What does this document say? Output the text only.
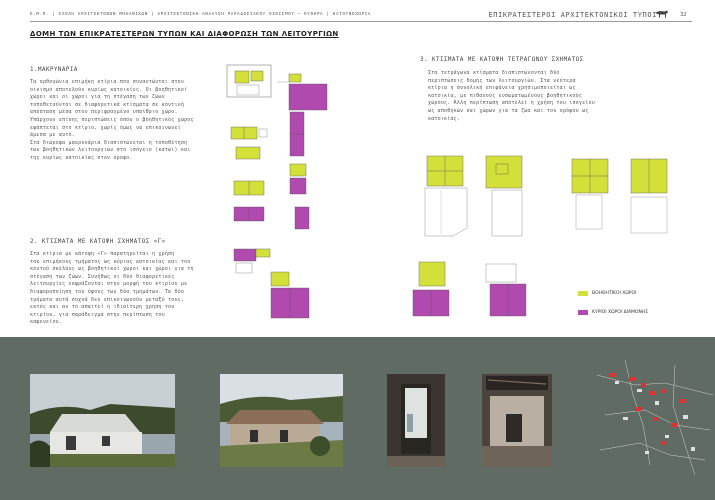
Ε.Μ.Π. | ΣΧΟΛΗ ΑΡΧΙΤΕΚΤΟΝΩΝ ΜΗΧΑΝΙΚΩΝ | ΑΡΧΙΤΕΚΤΟΝΙΚΗ ΑΝΑΛΥΣΗ ΠΑΡΑΔΟΣΙΑΚΟΥ ΟΙΚΙΣΜΟΥ – ΚΥΘΗΡΑ | ΚΑΤΟΥΝΟΧΩΡΙΑ	ΕΠΙΚΡΑΤΕΣΤΕΡΟΙ ΑΡΧΙΤΕΚΤΟΝΙΚΟΙ ΤΥΠΟΙ	32
ΔΟΜΗ ΤΩΝ ΕΠΙΚΡΑΤΕΣΤΕΡΩΝ ΤΥΠΩΝ ΚΑΙ ΔΙΑΦΟΡΩΣΗ ΤΩΝ ΛΕΙΤΟΥΡΓΙΩΝ
1.ΜΑΚΡΥΝΑΡΙΑ
Τα ορθογώνια επιμήκη κτίρια που συναντώνται στον
οικισμό αποτελούν κυρίως κατοικίες. Οι βοηθητικοί
χώροι και οι χώροι για τη στέγαση των ζώων
τοποθετούνται σε διαφορετικά κτίσματα σε κοντινή
απόσταση μέσα στον περιφραγμένο υπαίθριο χώρο.
Υπάρχουν επίσης περιπτώσεις όπου ο βοηθητικός χώρος
εφάπτεται στο κτίριο, χωρίς όμως να επικοινωνεί
άμεσα με αυτό.
Στα διώροφα μακρυνάρια διαπιστώνεται η τοποθέτηση
των βοηθητικών λειτουργιών στο ισόγειο (κατώι) και
της κυρίως κατοικίας στον όροφο.
3. ΚΤΙΣΜΑΤΑ ΜΕ ΚΑΤΟΨΗ ΤΕΤΡΑΓΩΝΟΥ ΣΧΗΜΑΤΟΣ
Στα τετράγωνα κτίσματα διαπιστώνονται δύο
περιπτώσεις δομής των λειτουργιών. Στα νεότερα
κτίρια η συνολική επιφάνεια χρησιμοποιείται ως
κατοικία, με πιθανούς ενσωματωμένους βοηθητικούς
χώρους. Άλλη περίπτωση αποτελεί η χρήση του ισογείου
ως αποθηκών και χώρων για τα ζώα και του ορόφου ως
κατοικίας.
2. ΚΤΙΣΜΑΤΑ ΜΕ ΚΑΤΟΨΗ ΣΧΗΜΑΤΟΣ «Γ»
Στα κτίρια με κάτοψη «Γ» παρατηρείται η χρήση
του επιμήκους τμήματος ως κύριας κατοικίας και του
κοντού σκέλους ως βοηθητικοί χώροι και χώροι για τη
στέγαση των ζώων. Συνήθως οι δύο διαφορετικές
λειτουργίες εκφράζονται στην μορφή του κτιρίου με
διαφοροποίηση του ύψους των δύο τμημάτων. Τα δύο
τμήματα αυτά συχνά δεν επικοινωνούν μεταξύ τους,
εκτός και αν το απαιτεί η ιδιαίτερη χρήση του
κτιρίου, για παράδειγμα στην περίπτωση του
καφενείου.
ΒΟΗΘΗΤΙΚΟΙ ΧΩΡΟΙ
ΚΥΡΙΟΙ ΧΩΡΟΙ ΔΙΑΜΟΝΗΣ
